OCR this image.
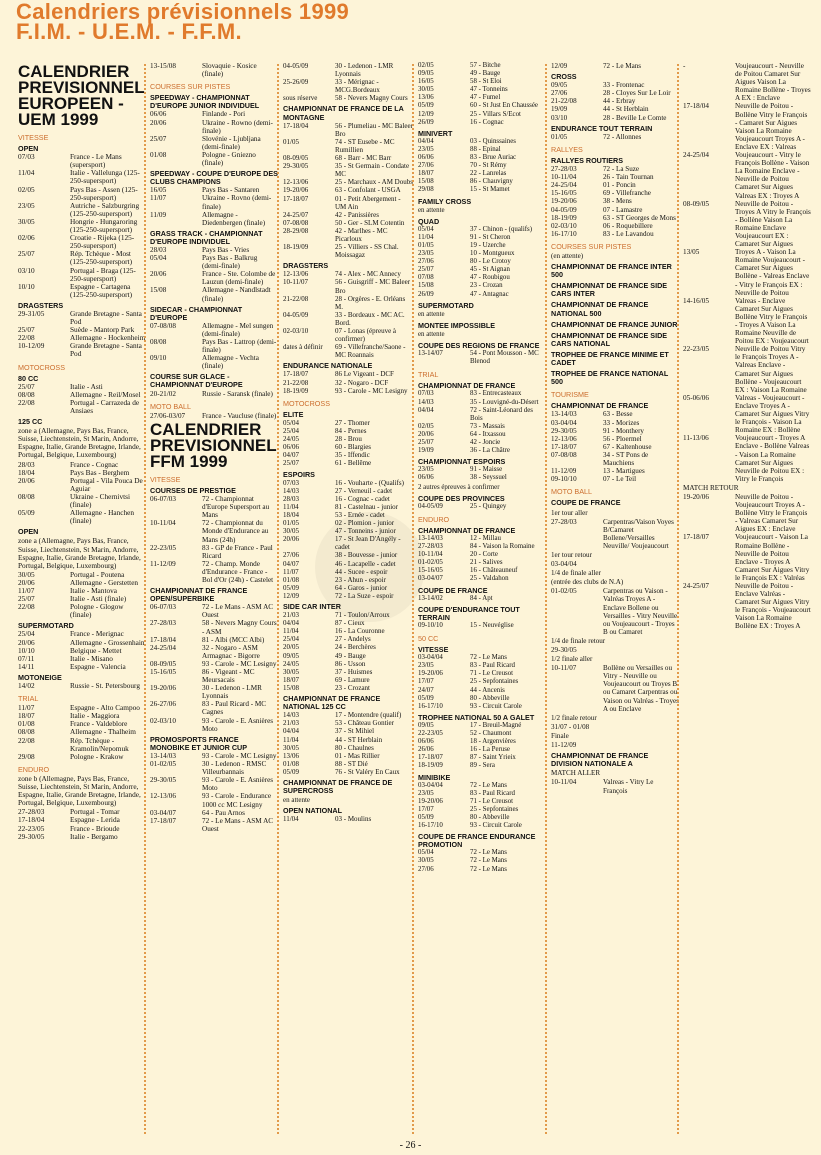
Calendriers prévisionnels 1999
F.I.M. - U.E.M. - F.F.M.
CALENDRIER PREVISIONNEL EUROPEEN - UEM 1999
VITESSE
OPEN
07/03	France - Le Mans (supersport)
11/04	Italie - Vallelunga (125-250-supersport)
02/05	Pays Bas - Assen (125-250-supersport)
23/05	Autriche - Salzburgring (125-250-supersport)
30/05	Hongrie - Hungaroring (125-250-supersport)
02/06	Croatie - Rijeka (125-250-supersport)
25/07	Rép. Tchèque - Most (125-250-supersport)
03/10	Portugal - Braga (125-250-supersport)
10/10	Espagne - Cartagena (125-250-supersport)
DRAGSTERS
29-31/05	Grande Bretagne - Santa Pod
25/07	Suède - Mantorp Park
22/08	Allemagne - Hockenheim
10-12/09	Grande Bretagne - Santa Pod
MOTOCROSS
80 CC
25/07	Italie - Asti
08/08	Allemagne - Reil/Mosel
22/08	Portugal - Carrazeda de Ansiaes
125 CC
zone a (Allemagne, Pays Bas, France, Suisse, Liechtenstein, St Marin, Andorre, Espagne, Italie, Grande Bretagne, Irlande, Portugal, Belgique, Luxembourg)
28/03	France - Cognac
18/04	Pays Bas - Berghem
20/06	Portugal - Vila Pouca De Aguiar
08/08	Ukraine - Chernivtsi (finale)
05/09	Allemagne - Hanchen (finale)
OPEN
zone a (Allemagne, Pays Bas, France, Suisse, Liechtenstein, St Marin, Andorre, Espagne, Italie, Grande Bretagne, Irlande, Portugal, Belgique, Luxembourg)
30/05	Portugal - Poutena
20/06	Allemagne - Gerstetten
11/07	Italie - Mantova
25/07	Italie - Asti (finale)
22/08	Pologne - Glogow (finale)
SUPERMOTARD
25/04	France - Merignac
20/06	Allemagne - Grossenhain
10/10	Belgique - Mettet
07/11	Italie - Misano
14/11	Espagne - Valencia
MOTONEIGE
14/02	Russie - St. Petersbourg
TRIAL
11/07	Espagne - Alto Campoo
18/07	Italie - Maggiora
01/08	France - Valdeblore
08/08	Allemagne - Thalheim
22/08	Rép. Tchèque - Kramolin/Nepomuk
29/08	Pologne - Krakow
ENDURO
zone b (Allemagne, Pays Bas, France, Suisse, Liechtenstein, St Marin, Andorre, Espagne, Italie, Grande Bretagne, Irlande, Portugal, Belgique, Luxembourg)
27-28/03	Portugal - Tomar
17-18/04	Espagne - Lerida
22-23/05	France - Brioude
29-30/05	Italie - Bergamo
13-15/08	Slovaquie - Kosice (finale)
COURSES SUR PISTES
SPEEDWAY - CHAMPIONNAT D'EUROPE JUNIOR INDIVIDUEL
06/06	Finlande - Pori
20/06	Ukraine - Rowno (demi-finale)
25/07	Slovénie - Ljubljana (demi-finale)
01/08	Pologne - Gniezno (finale)
SPEEDWAY - COUPE D'EUROPE DES CLUBS CHAMPIONS
16/05	Pays Bas - Santaren
11/07	Ukraine - Rovno (demi-finale)
11/09	Allemagne - Diedenbergen (finale)
GRASS TRACK - CHAMPIONNAT D'EUROPE INDIVIDUEL
28/03	Pays Bas - Vries
05/04	Pays Bas - Balkrug (demi-finale)
20/06	France - Ste. Colombe de Lauzun (demi-finale)
15/08	Allemagne - Nandlstadt (finale)
SIDECAR - CHAMPIONNAT D'EUROPE
07-08/08	Allemagne - Mel sungen (demi-finale)
08/08	Pays Bas - Lattrop (demi-finale)
09/10	Allemagne - Vechta (finale)
COURSE SUR GLACE - CHAMPIONNAT D'EUROPE
20-21/02	Russie - Saransk (finale)
MOTO BALL
27/06-03/07	France - Vaucluse (finale)
CALENDRIER PREVISIONNEL FFM 1999
VITESSE
COURSES DE PRESTIGE
06-07/03	72 - Championnat d'Europe Supersport au Mans
10-11/04	72 - Championnat du Monde d'Endurance au Mans (24h)
22-23/05	83 - GP de France - Paul Ricard
11-12/09	72 - Champ. Monde d'Endurance - France - Bol d'Or (24h) - Castelet
CHAMPIONNAT DE FRANCE OPEN/SUPERBIKE
06-07/03	72 - Le Mans - ASM AC Ouest
27-28/03	58 - Nevers Magny Cours - ASM
17-18/04	81 - Albi (MCC Albi)
24-25/04	32 - Nogaro - ASM Armagnac - Bigorre
08-09/05	93 - Carole - MC Lesigny
15-16/05	86 - Vigeant - MC Meursacais
19-20/06	30 - Ledenon - LMR Lyonnais
26-27/06	83 - Paul Ricard - MC Cagnes
02-03/10	93 - Carole - E. Asnières Moto
PROMOSPORTS FRANCE MONOBIKE ET JUNIOR CUP
13-14/03	93 - Carole - MC Lesigny
01-02/05	30 - Ledenon - RMSC Villeurbannais
29-30/05	93 - Carole - E. Asnières Moto
12-13/06	93 - Carole - Endurance 1000 cc MC Lesigny
03-04/07	64 - Pau Arnos
17-18/07	72 - Le Mans - ASM AC Ouest
04-05/09	30 - Ledenon - LMR Lyonnais
25-26/09	33 - Mérignac - MCG.Bordeaux
sous réserve	58 - Nevers Magny Cours
CHAMPIONNAT DE FRANCE DE LA MONTAGNE
17-18/04	56 - Plumeliau - MC Baleer Bro
01/05	74 - ST Eusebe - MC Rumillien
08-09/05	68 - Barr - MC Barr
29-30/05	35 - St Germain - Condate MC
12-13/06	25 - Marchaux - AM Doubs
19-20/06	63 - Confolant - USGA
17-18/07	01 - Petit Abergement - UM Ain
24-25/07	42 - Panissières
07-08/08	50 - Ger - SLM Cotentin
28-29/08	42 - Marlhes - MC Picarloux
18-19/09	25 - Villiers - SS Chal. Moissagaz
DRAGSTERS
12-13/06	74 - Alex - MC Annecy
10-11/07	56 - Guisgriff - MC Baleer Bro
21-22/08	28 - Orgères - E. Orléans M.
04-05/09	33 - Bordeaux - MC AC. Bord.
02-03/10	07 - Lonas (épreuve à confirmer)
dates à définir	69 - Villefranche/Saone - MC Roannais
ENDURANCE NATIONALE
17-18/07	86 Le Vigeant - DCF
21-22/08	32 - Nogaro - DCF
18-19/09	93 - Carole - MC Lesigny
MOTOCROSS
ELITE
05/04	27 - Thomer
25/04	84 - Pernes
24/05	28 - Brou
06/06	60 - Blargies
04/07	35 - Iffendic
25/07	61 - Bellême
ESPOIRS
07/03	16 - Vouharte - (Qualifs)
14/03	27 - Verneuil - cadet
28/03	16 - Cognac - cadet
11/04	81 - Castelnau - junior
18/04	53 - Ernée - cadet
01/05	02 - Plomion - junior
30/05	47 - Tonneins - junior
20/06	17 - St Jean D'Angély - cadet
27/06	38 - Bouvesse - junior
04/07	46 - Lacapelle - cadet
11/07	44 - Sucee - espoir
01/08	23 - Ahun - espoir
05/09	64 - Garos - junior
12/09	72 - La Suze - espoir
SIDE CAR INTER
21/03	71 - Toulon/Arroux
04/04	87 - Cieux
11/04	16 - La Couronne
25/04	27 - Andelys
20/05	24 - Berchères
09/05	49 - Bauge
24/05	86 - Usson
30/05	37 - Huismes
18/07	69 - Lamure
15/08	23 - Crozant
CHAMPIONNAT DE FRANCE NATIONAL 125 CC
14/03	17 - Montendre (qualif)
21/03	53 - Château Gontier
04/04	37 - St Mihiel
11/04	44 - ST Herblain
30/05	80 - Chaulnes
13/06	01 - Mas Rillier
01/08	88 - ST Dié
05/09	76 - St Valéry En Caux
CHAMPIONNAT DE FRANCE DE SUPERCROSS
en attente
OPEN NATIONAL
11/04	03 - Moulins
02/05	57 - Bitche
09/05	49 - Bauge
16/05	58 - St Eloi
30/05	47 - Tonneins
13/06	47 - Fumel
05/09	60 - St Just En Chaussée
12/09	25 - Villars S/Ecot
26/09	16 - Cognac
MINIVERT
04/04	03 - Quinssaines
23/05	88 - Epinal
06/06	83 - Brue Auriac
27/06	70 - St Rémy
18/07	22 - Lanrelas
15/08	86 - Chauvigny
29/08	15 - St Mamet
FAMILY CROSS
en attente
QUAD
05/04	37 - Chinon - (qualifs)
11/04	91 - St Cheron
01/05	19 - Uzerche
23/05	10 - Montgueux
27/06	80 - Le Crotoy
25/07	45 - St Aignan
07/08	47 - Roubigou
15/08	23 - Crozan
26/09	47 - Antagnac
SUPERMOTARD
en attente
MONTEE IMPOSSIBLE
en attente
COUPE DES REGIONS DE FRANCE
13-14/07	54 - Pont Mousson - MC Blenod
TRIAL
CHAMPIONNAT DE FRANCE
07/03	83 - Entrecasteaux
14/03	35 - Louvigné-du-Désert
04/04	72 - Saint-Léonard des Bois
02/05	73 - Massais
20/06	64 - Itxassou
25/07	42 - Joncie
19/09	36 - La Châtre
CHAMPIONNAT ESPOIRS
23/05	91 - Maisse
06/06	38 - Seyssuel
2 autres épreuves à confirmer
COUPE DES PROVINCES
04-05/09	25 - Quingey
ENDURO
CHAMPIONNAT DE FRANCE
13-14/03	12 - Millau
27-28/03	84 - Vaison la Romaine
10-11/04	20 - Corte
01-02/05	21 - Salives
15-16/05	16 - Châteauneuf
03-04/07	25 - Valdahon
COUPE DE FRANCE
13-14/02	84 - Apt
COUPE D'ENDURANCE TOUT TERRAIN
09-10/10	15 - Neuvéglise
50 CC
VITESSE
03-04/04	72 - Le Mans
23/05	83 - Paul Ricard
19-20/06	71 - Le Creusot
17/07	25 - Sepfontaines
24/07	44 - Ancenis
05/09	80 - Abbeville
16-17/10	93 - Circuit Carole
TROPHEE NATIONAL 50 A GALET
09/05	17 - Breuil-Magné
22-23/05	52 - Chaumont
06/06	18 - Argenvières
26/06	16 - La Peruse
17-18/07	87 - Saint Yrieix
18-19/09	89 - Sera
MINIBIKE
03-04/04	72 - Le Mans
23/05	83 - Paul Ricard
19-20/06	71 - Le Creusot
17/07	25 - Sepfontaines
05/09	80 - Abbeville
16-17/10	93 - Circuit Carole
COUPE DE FRANCE ENDURANCE PROMOTION
05/04	72 - Le Mans
30/05	72 - Le Mans
27/06	72 - Le Mans
12/09	72 - Le Mans
CROSS
09/05	33 - Frontenac
27/06	28 - Cloyes Sur Le Loir
21-22/08	44 - Erbray
19/09	44 - St Herblain
03/10	28 - Beville Le Comte
ENDURANCE TOUT TERRAIN
01/05	72 - Allonnes
RALLYES
RALLYES ROUTIERS
27-28/03	72 - La Suze
10-11/04	26 - Tain Tournan
24-25/04	01 - Poncin
15-16/05	69 - Villefranche
19-20/06	38 - Mens
04-05/09	07 - Lamastre
18-19/09	63 - ST Georges de Mons
02-03/10	06 - Roquebillere
16-17/10	83 - Le Lavandou
COURSES SUR PISTES
(en attente)
CHAMPIONNAT DE FRANCE INTER 500
CHAMPIONNAT DE FRANCE SIDE CARS INTER
CHAMPIONNAT DE FRANCE NATIONAL 500
CHAMPIONNAT DE FRANCE JUNIOR
CHAMPIONNAT DE FRANCE SIDE CARS NATIONAL
TROPHEE DE FRANCE MINIME ET CADET
TROPHEE DE FRANCE NATIONAL 500
TOURISME
CHAMPIONNAT DE FRANCE
13-14/03	63 - Besse
03-04/04	33 - Morizes
29-30/05	91 - Monthery
12-13/06	56 - Ploermel
17-18/07	67 - Kaltenhouse
07-08/08	34 - ST Pons de Mauchiens
11-12/09	13 - Martigues
09-10/10	07 - Le Teil
MOTO BALL
COUPE DE FRANCE
1er tour aller
27-28/03	Carpentras/Vaison Voyes B/Camaret Bollene/Versailles Neuville/ Voujeaucourt
1er tour retour
03-04/04
1/4 de finale aller
(entrée des clubs de N.A)
01-02/05	Carpentras ou Vaison - Valréas Troyes A - Enclave Bollene ou Versailles - Vitry Neuville ou Voujeaucourt - Troyes B ou Camaret
1/4 de finale retour
29-30/05
1/2 finale aller
10-11/07	Bollène ou Versailles ou Vitry - Neuville ou Voujeaucourt ou Troyes B ou Camaret Carpentras ou Vaison ou Valréas - Troyes A ou Enclave
1/2 finale retour
31/07 - 01/08
Finale
11-12/09
CHAMPIONNAT DE FRANCE DIVISION NATIONALE A
MATCH ALLER
10-11/04	Valreas - Vitry Le François
-	Voujeaucourt - Neuville de Poitou Camaret Sur Aigues Vaison La Romaine Bollène - Troyes A EX : Enclave
17-18/04	Neuville de Poitou - Bollène Vitry le François - Camaret Sur Aigues Vaison La Romaine Voujeaucourt Troyes A - Enclave EX : Valreas
24-25/04	Voujeaucourt - Vitry le François Bollène - Vaison La Romaine Enclave - Neuville de Poitou Camaret Sur Aigues Valreas EX : Troyes A
08-09/05	Neuville de Poitou - Troyes A Vitry le François - Bollène Vaison La Romaine Enclave Voujeaucourt EX : Camaret Sur Aigues
13/05	Troyes A - Vaison La Romaine Voujeaucourt - Camaret Sur Aigues Bollène - Valreas Enclave - Vitry le François EX : Neuville de Poitou
14-16/05	Valreas - Enclave Camaret Sur Aigues Bollène Vitry le François - Troyes A Vaison La Romaine Neuville de Poitou EX : Voujeaucourt
22-23/05	Neuville de Poitou Vitry le François Troyes A - Valreas Enclave - Camaret Sur Aigues Bollène - Voujeaucourt EX : Vaison La Romaine
05-06/06	Valreas - Voujeaucourt - Enclave Troyes A - Camaret Sur Aigues Vitry le François - Vaison La Romaine EX : Bollène
11-13/06	Voujeaucourt - Troyes A Enclave - Bollène Valreas - Vaison La Romaine Camaret Sur Aigues Neuville de Poitou EX : Vitry le François
MATCH RETOUR
19-20/06	Neuville de Poitou - Voujeaucourt Troyes A - Bollène Vitry le François - Valreas Camaret Sur Aigues EX : Enclave
17-18/07	Voujeaucourt - Vaison La Romaine Bollène - Neuville de Poitou Enclave - Troyes A Camaret Sur Aigues Vitry le François EX : Valréas
24-25/07	Neuville de Poitou - Enclave Valréas - Camaret Sur Aigues Vitry le François - Voujeaucourt Vaison La Romaine Bollène EX : Troyes A
- 26 -
